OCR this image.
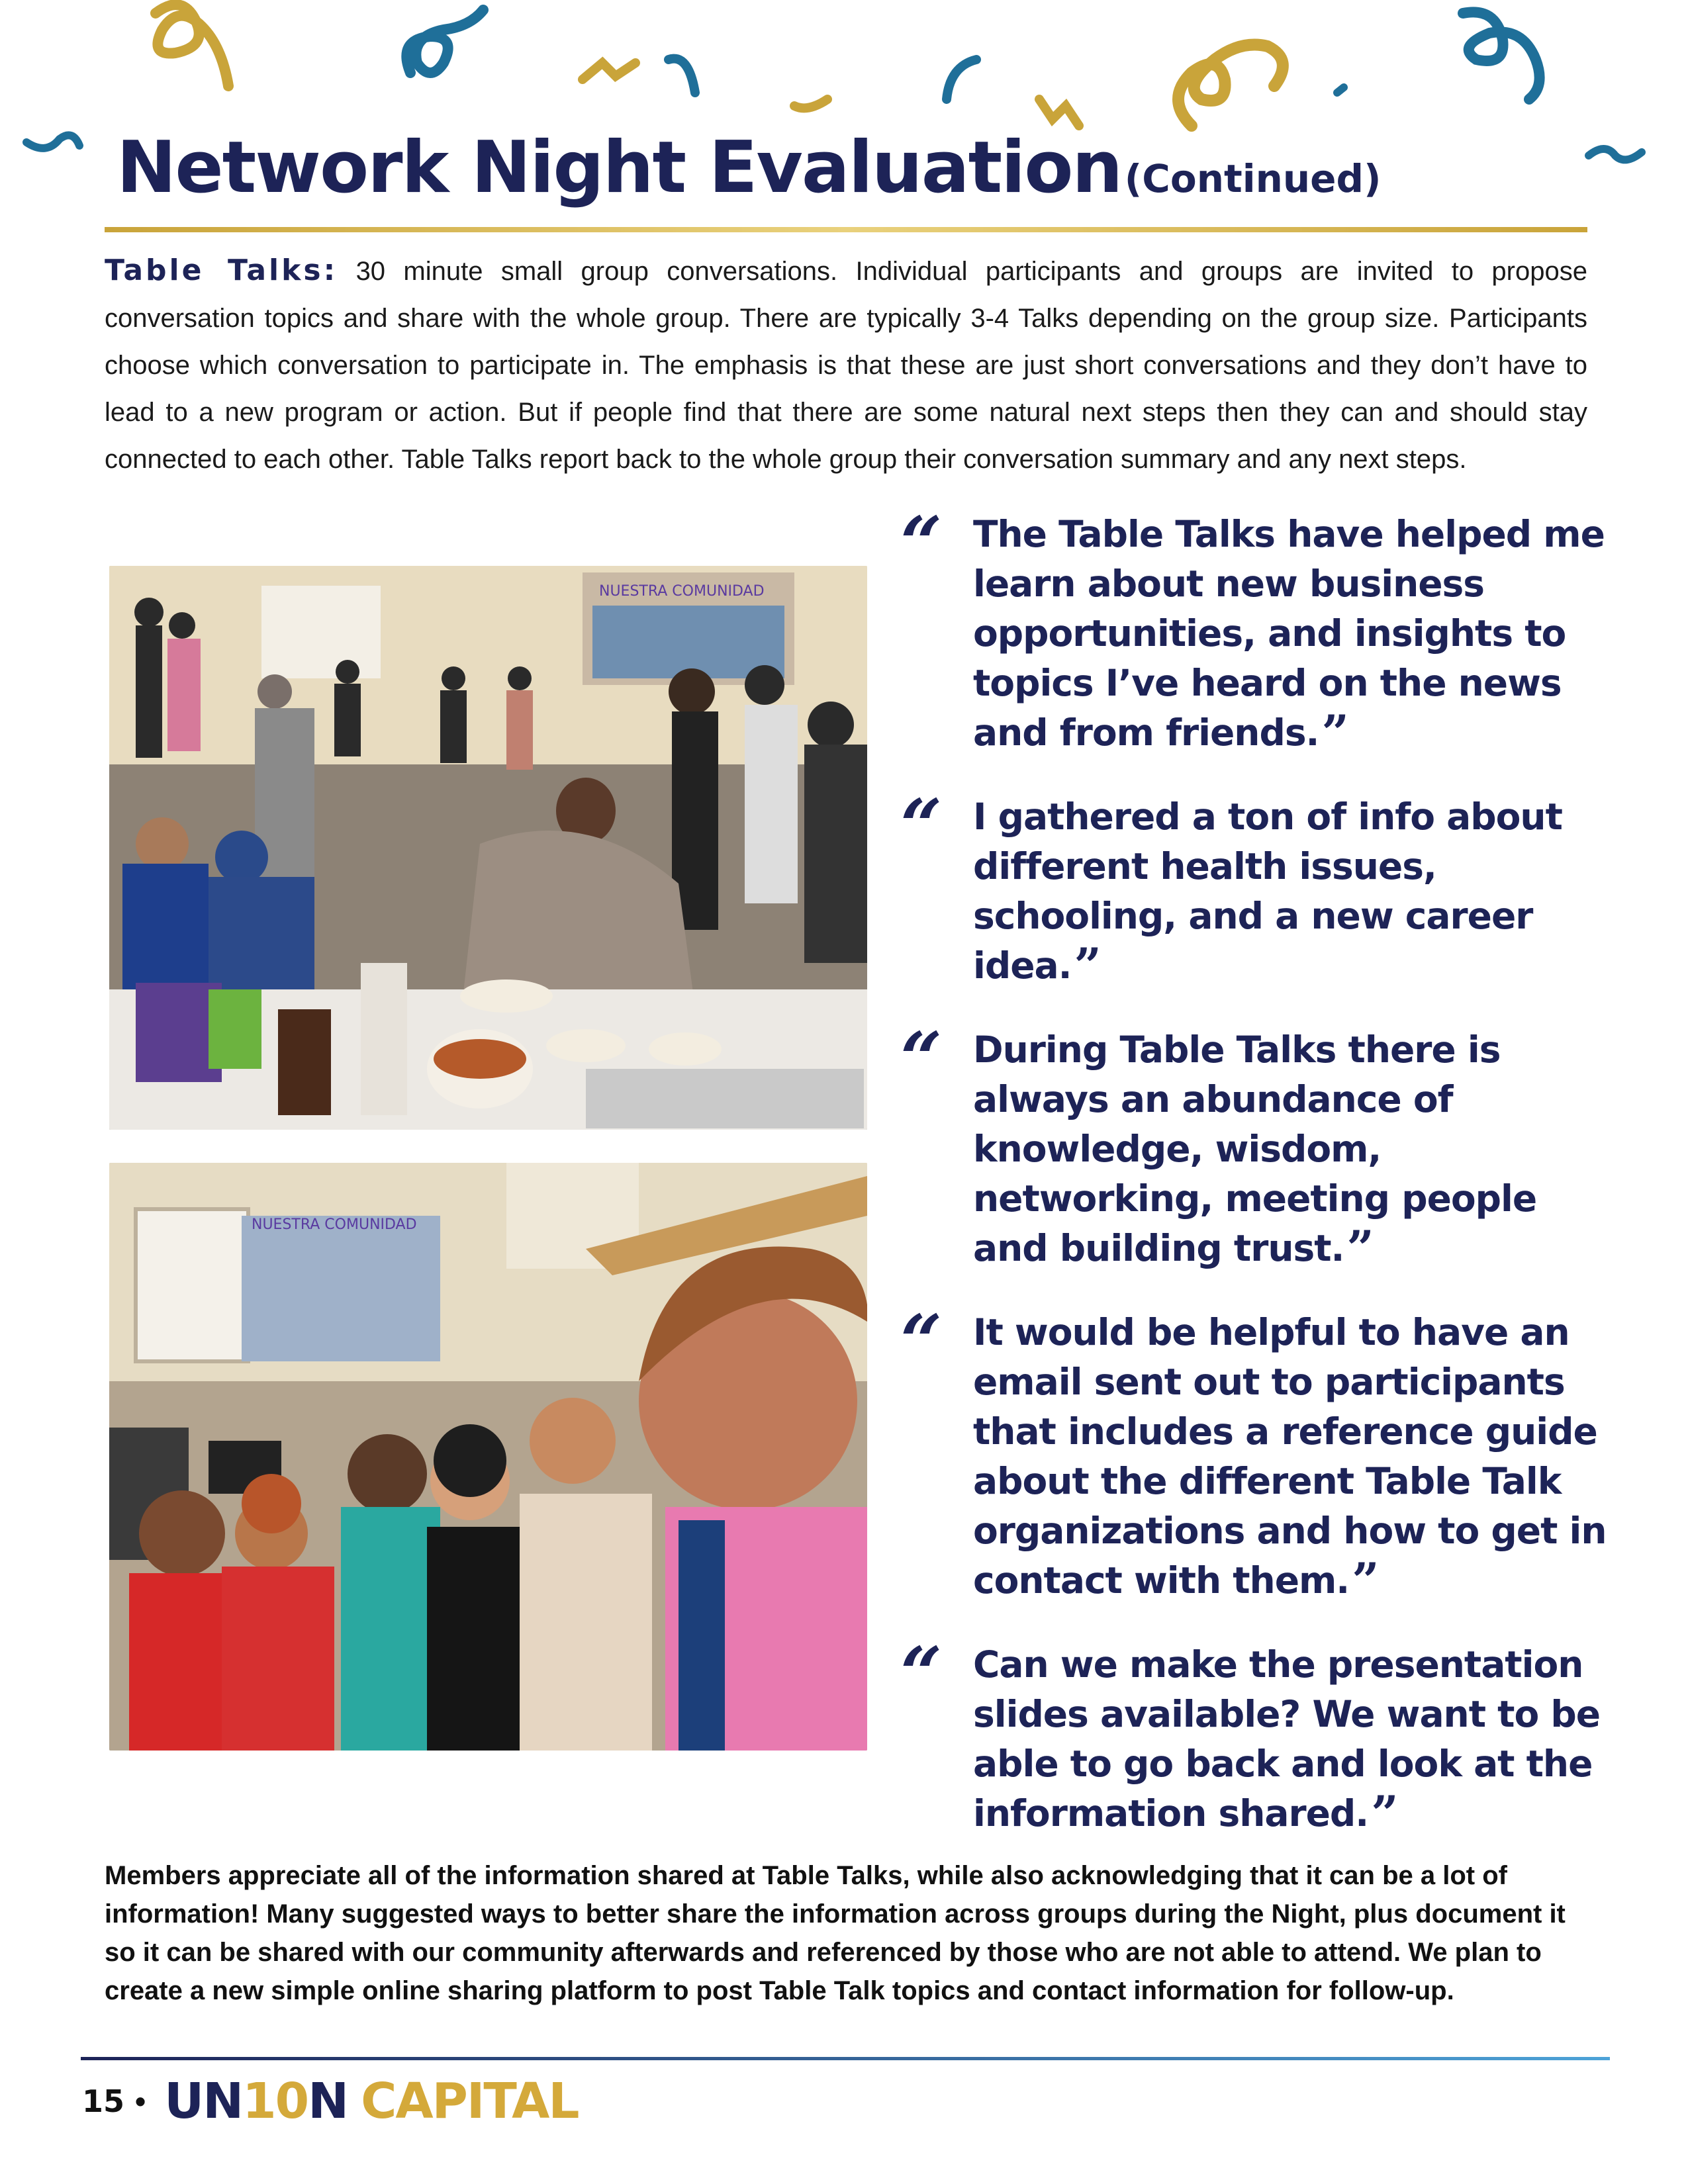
Network Night Evaluation (Continued)
Table Talks: 30 minute small group conversations. Individual participants and groups are invited to propose conversation topics and share with the whole group. There are typically 3-4 Talks depending on the group size. Participants choose which conversation to participate in. The emphasis is that these are just short conversations and they don’t have to lead to a new program or action. But if people find that there are some natural next steps then they can and should stay connected to each other. Table Talks report back to the whole group their conversation summary and any next steps.
NUESTRA COMUNIDAD
NUESTRA COMUNIDAD
“ The Table Talks have helped me learn about new business opportunities, and insights to topics I’ve heard on the news and from friends.”
“ I gathered a ton of info about different health issues, schooling, and a new career idea.”
“ During Table Talks there is always an abundance of knowledge, wisdom, networking, meeting people and building trust.”
“ It would be helpful to have an email sent out to participants that includes a reference guide about the different Table Talk organizations and how to get in contact with them.”
“ Can we make the presentation slides available? We want to be able to go back and look at the information shared.”
Members appreciate all of the information shared at Table Talks, while also acknowledging that it can be a lot of information! Many suggested ways to better share the information across groups during the Night, plus document it so it can be shared with our community afterwards and referenced by those who are not able to attend. We plan to create a new simple online sharing platform to post Table Talk topics and contact information for follow-up.
15 • UN10N CAPITAL
